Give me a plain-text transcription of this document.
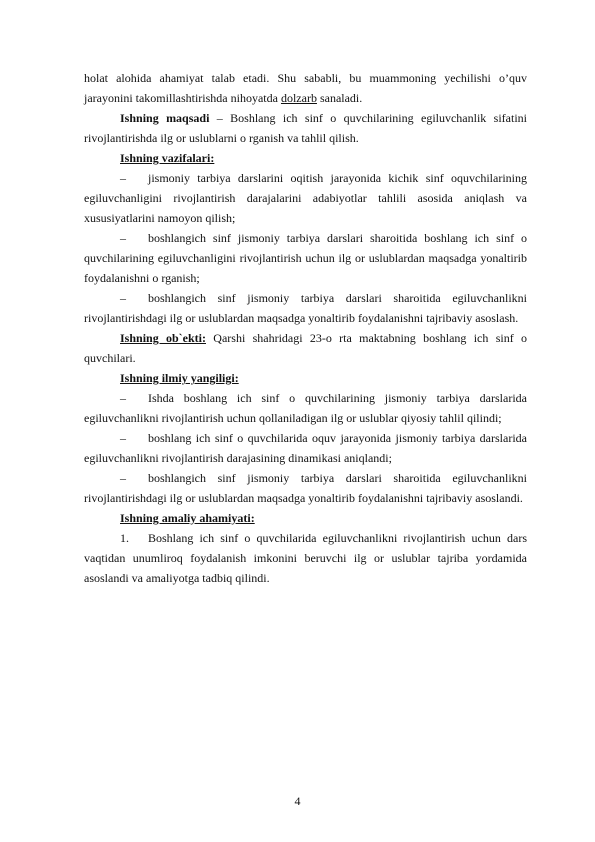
holat alohida ahamiyat talab etadi. Shu sababli, bu muammoning yechilishi o’quv jarayonini takomillashtirishda nihoyatda dolzarb sanaladi.

Ishning maqsadi – Boshlang ich sinf o quvchilarining egiluvchanlik sifatini rivojlantirishda ilg or uslublarni o rganish va tahlil qilish.

Ishning vazifalari:

–	jismoniy tarbiya darslarini oqitish jarayonida kichik sinf oquvchilarining egiluvchanligini rivojlantirish darajalarini adabiyotlar tahlili asosida aniqlash va xususiyatlarini namoyon qilish;

–	boshlangich sinf jismoniy tarbiya darslari sharoitida boshlang ich sinf o quvchilarining egiluvchanligini rivojlantirish uchun ilg or uslublardan maqsadga yonaltirib foydalanishni o rganish;

–	boshlangich sinf jismoniy tarbiya darslari sharoitida egiluvchanlikni rivojlantirishdagi ilg or uslublardan maqsadga yonaltirib foydalanishni tajribaviy asoslash.

Ishning ob`ekti: Qarshi shahridagi 23-o rta maktabning boshlang ich sinf o quvchilari.

Ishning ilmiy yangiligi:

–	Ishda boshlang ich sinf o quvchilarining jismoniy tarbiya darslarida egiluvchanlikni rivojlantirish uchun qollaniladigan ilg or uslublar qiyosiy tahlil qilindi;

–	boshlang ich sinf o quvchilarida oquv jarayonida jismoniy tarbiya darslarida egiluvchanlikni rivojlantirish darajasining dinamikasi aniqlandi;

–	boshlangich sinf jismoniy tarbiya darslari sharoitida egiluvchanlikni rivojlantirishdagi ilg or uslublardan maqsadga yonaltirib foydalanishni tajribaviy asoslandi.

Ishning amaliy ahamiyati:

1.	Boshlang ich sinf o quvchilarida egiluvchanlikni rivojlantirish uchun dars vaqtidan unumliroq foydalanish imkonini beruvchi ilg or uslublar tajriba yordamida asoslandi va amaliyotga tadbiq qilindi.

4
